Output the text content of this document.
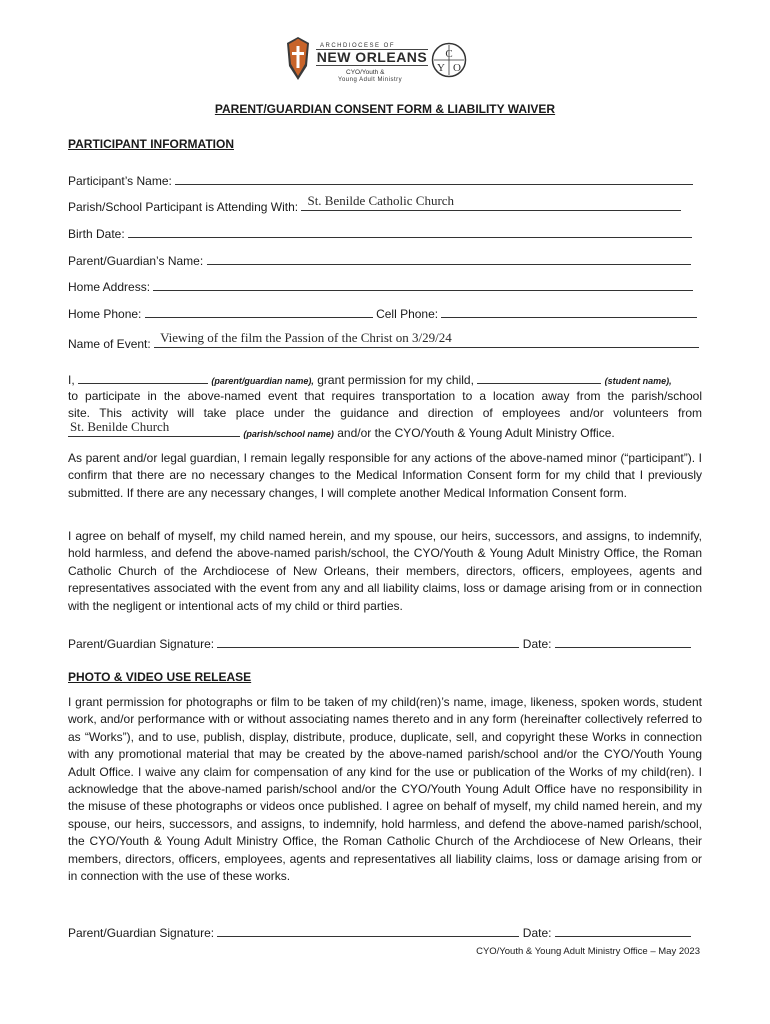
ARCHDIOCESE OF
NEW ORLEANS
CYO/Youth &
Young Adult Ministry
C
Y O
PARENT/GUARDIAN CONSENT FORM & LIABILITY WAIVER
PARTICIPANT INFORMATION
Participant’s Name:
Parish/School Participant is Attending With: St. Benilde Catholic Church
Birth Date:
Parent/Guardian’s Name:
Home Address:
Home Phone:	Cell Phone:
Name of Event: Viewing of the film the Passion of the Christ on 3/29/24
I,	(parent/guardian name), grant permission for my child,	(student name),
to participate in the above-named event that requires transportation to a location away from the parish/school
site. This activity will take place under the guidance and direction of employees and/or volunteers from
St. Benilde Church	(parish/school name) and/or the CYO/Youth & Young Adult Ministry Office.

As parent and/or legal guardian, I remain legally responsible for any actions of the above-named minor (“participant”). I confirm that there are no necessary changes to the Medical Information Consent form for my child that I previously submitted. If there are any necessary changes, I will complete another Medical Information Consent form.

I agree on behalf of myself, my child named herein, and my spouse, our heirs, successors, and assigns, to indemnify, hold harmless, and defend the above-named parish/school, the CYO/Youth & Young Adult Ministry Office, the Roman Catholic Church of the Archdiocese of New Orleans, their members, directors, officers, employees, agents and representatives associated with the event from any and all liability claims, loss or damage arising from or in connection with the negligent or intentional acts of my child or third parties.

Parent/Guardian Signature:	Date:
PHOTO & VIDEO USE RELEASE

I grant permission for photographs or film to be taken of my child(ren)’s name, image, likeness, spoken words, student work, and/or performance with or without associating names thereto and in any form (hereinafter collectively referred to as “Works”), and to use, publish, display, distribute, produce, duplicate, sell, and copyright these Works in connection with any promotional material that may be created by the above-named parish/school and/or the CYO/Youth Young Adult Office. I waive any claim for compensation of any kind for the use or publication of the Works of my child(ren). I acknowledge that the above-named parish/school and/or the CYO/Youth Young Adult Office have no responsibility in the misuse of these photographs or videos once published. I agree on behalf of myself, my child named herein, and my spouse, our heirs, successors, and assigns, to indemnify, hold harmless, and defend the above-named parish/school, the CYO/Youth & Young Adult Ministry Office, the Roman Catholic Church of the Archdiocese of New Orleans, their members, directors, officers, employees, agents and representatives all liability claims, loss or damage arising from or in connection with the use of these works.

Parent/Guardian Signature:	Date:
CYO/Youth & Young Adult Ministry Office – May 2023
